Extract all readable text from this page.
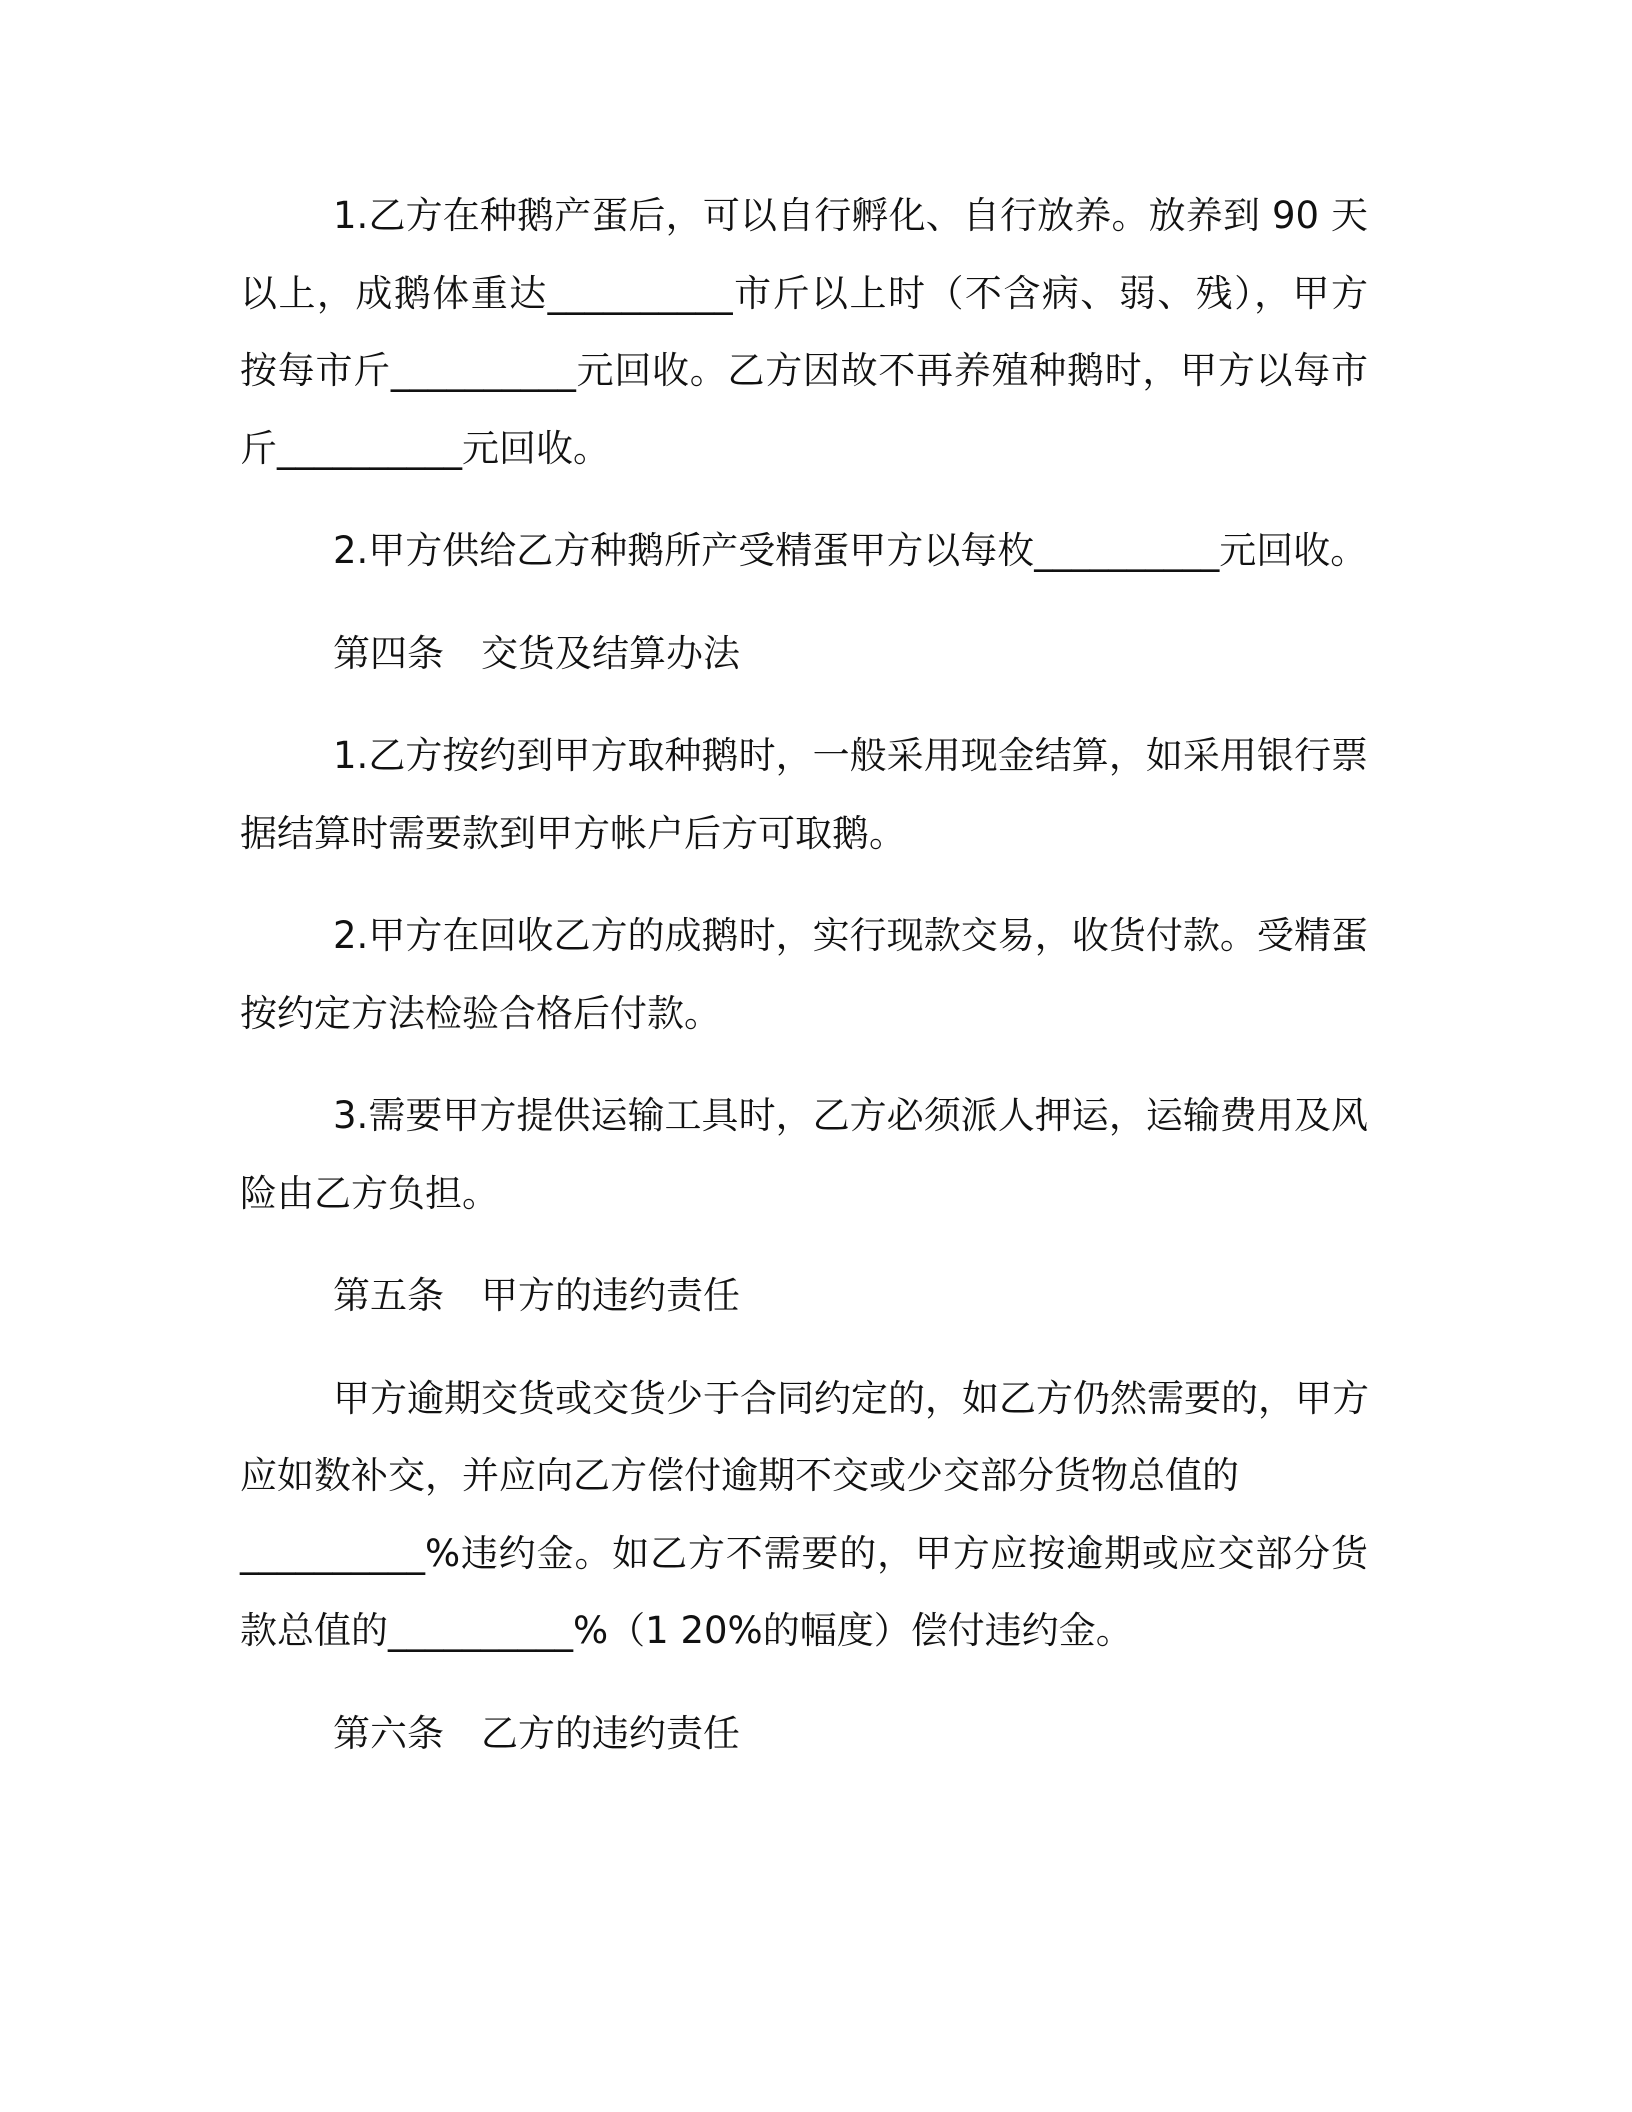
1.乙方在种鹅产蛋后，可以自行孵化、自行放养。放养到 90 天
以上，成鹅体重达__________市斤以上时（不含病、弱、残），甲方
按每市斤__________元回收。乙方因故不再养殖种鹅时，甲方以每市
斤__________元回收。
2.甲方供给乙方种鹅所产受精蛋甲方以每枚__________元回收。
第四条　交货及结算办法
1.乙方按约到甲方取种鹅时，一般采用现金结算，如采用银行票
据结算时需要款到甲方帐户后方可取鹅。
2.甲方在回收乙方的成鹅时，实行现款交易，收货付款。受精蛋
按约定方法检验合格后付款。
3.需要甲方提供运输工具时，乙方必须派人押运，运输费用及风
险由乙方负担。
第五条　甲方的违约责任
甲方逾期交货或交货少于合同约定的，如乙方仍然需要的，甲方
应如数补交，并应向乙方偿付逾期不交或少交部分货物总值的
__________%违约金。如乙方不需要的，甲方应按逾期或应交部分货
款总值的__________%（1 20%的幅度）偿付违约金。
第六条　乙方的违约责任
